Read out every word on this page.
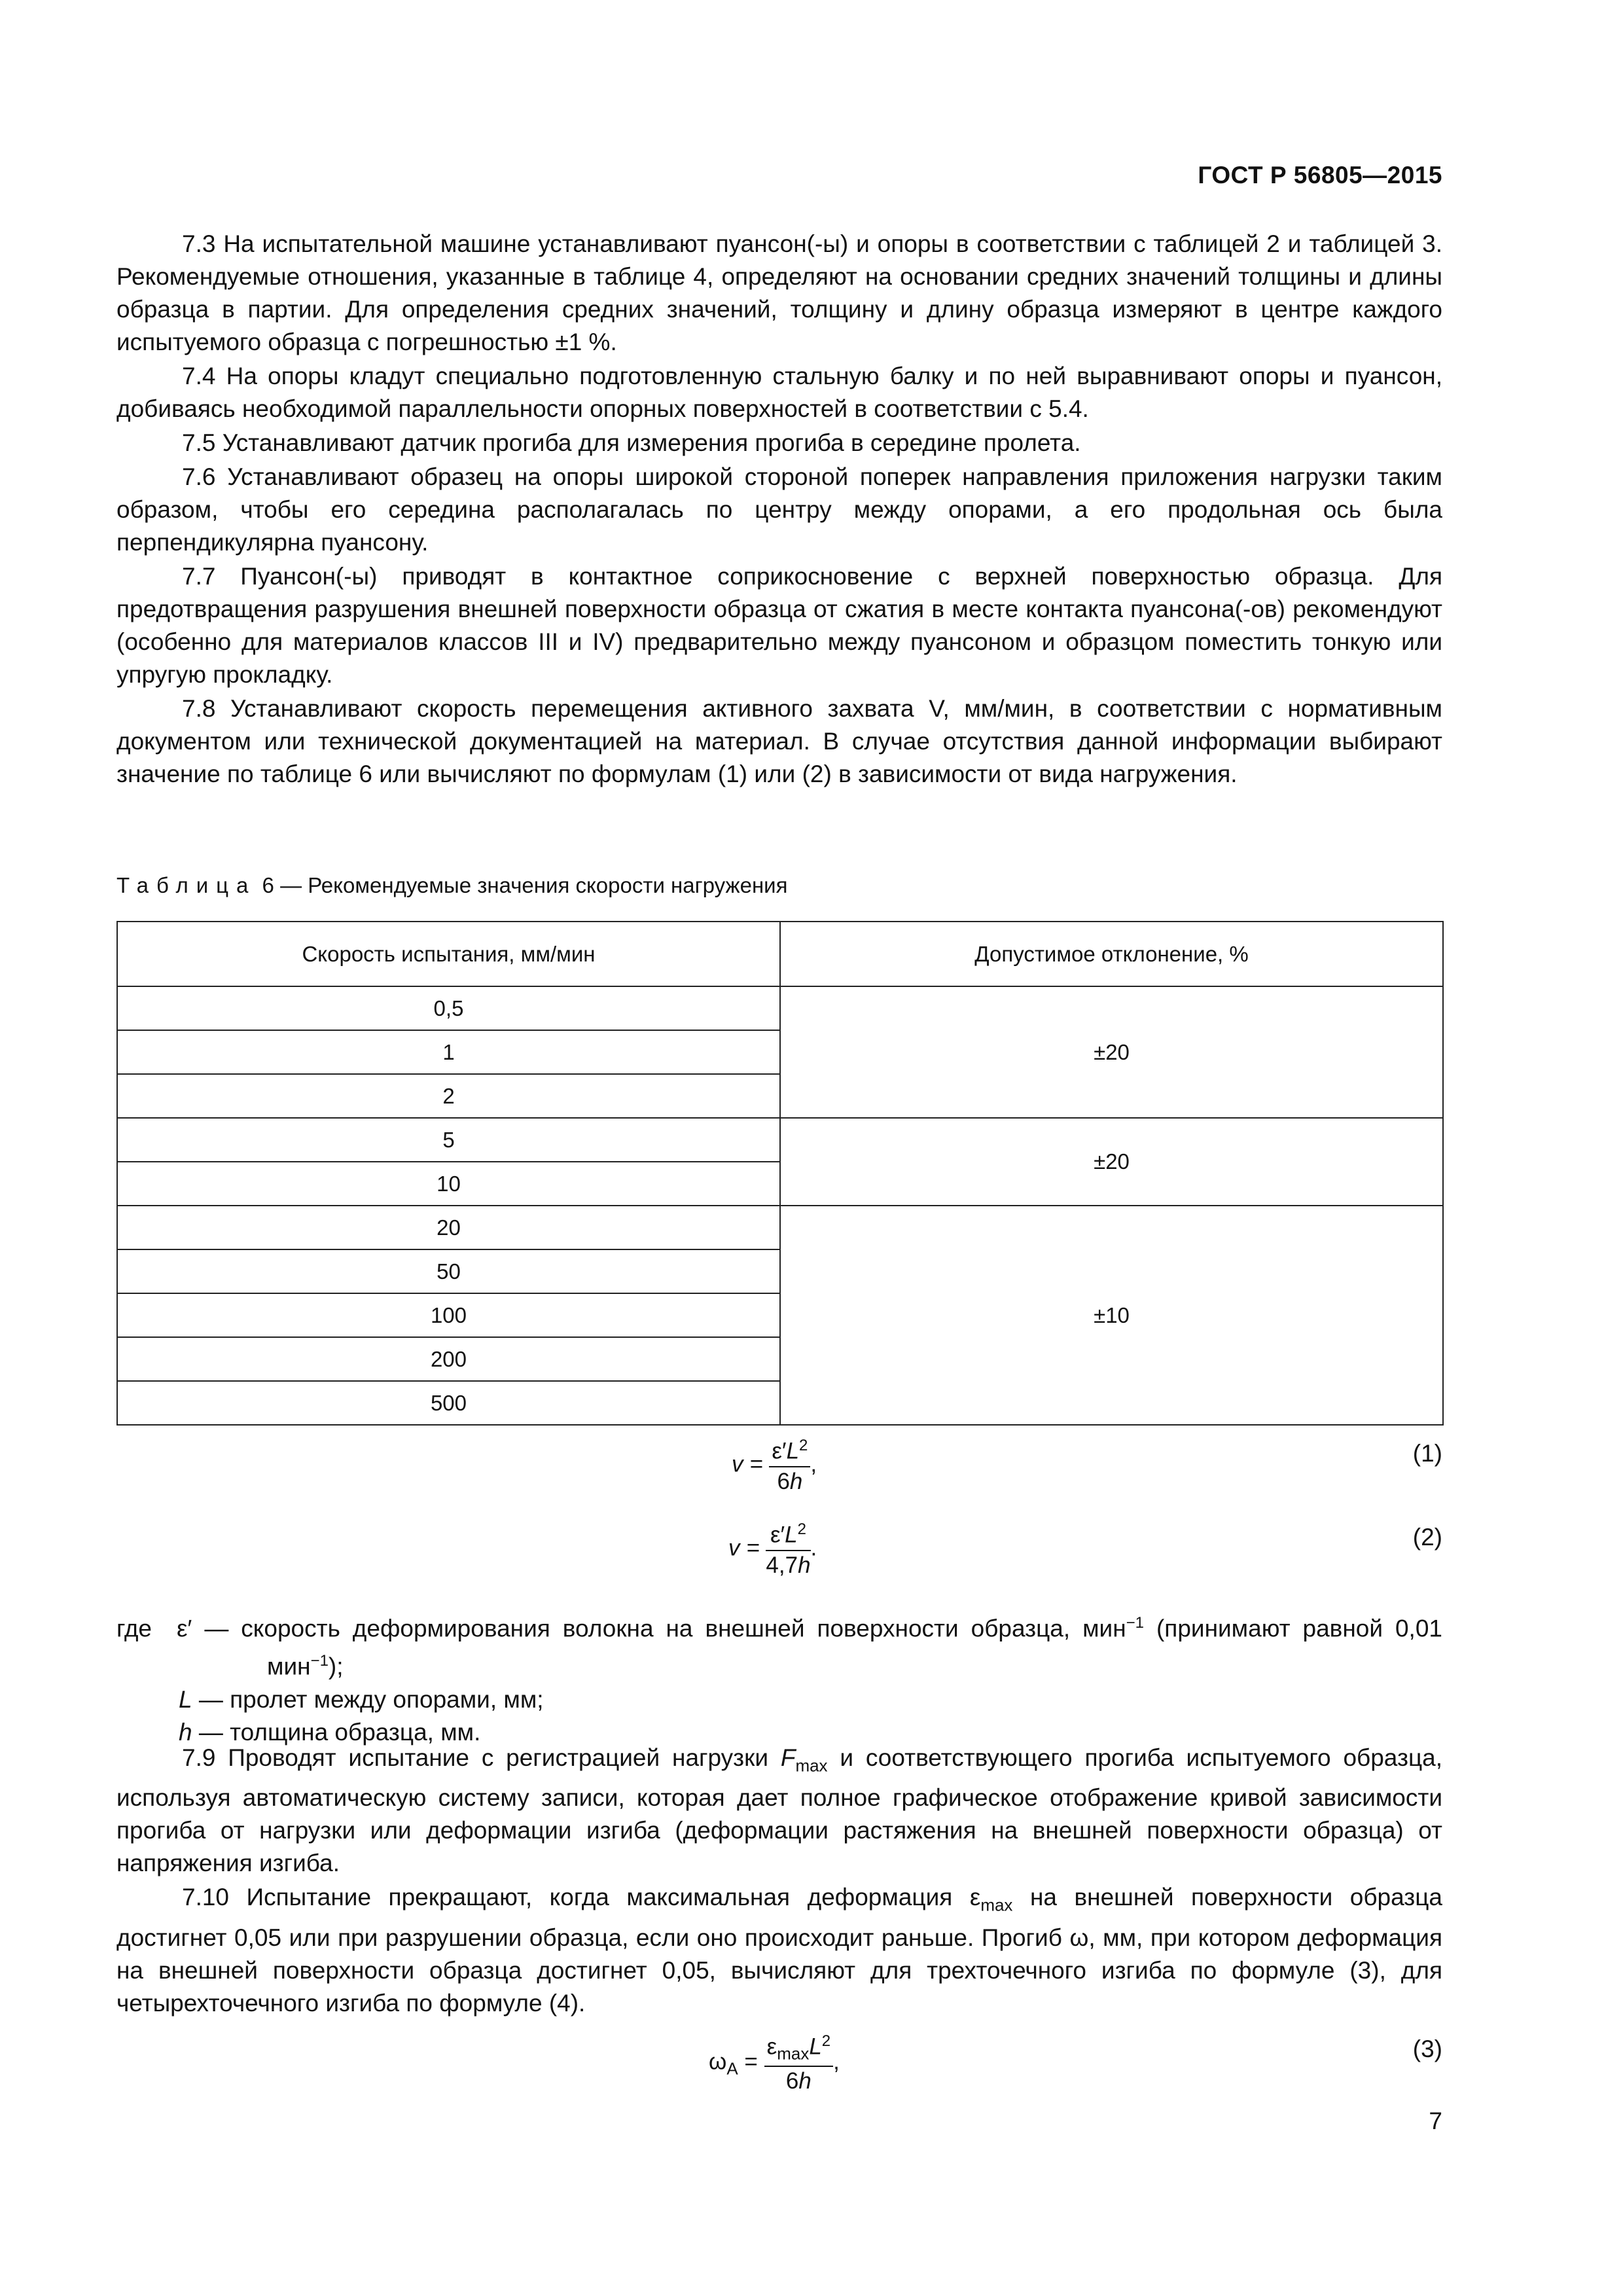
ГОСТ Р 56805—2015

7.3 На испытательной машине устанавливают пуансон(-ы) и опоры в соответствии с таблицей 2 и таблицей 3. Рекомендуемые отношения, указанные в таблице 4, определяют на основании средних значений толщины и длины образца в партии. Для определения средних значений, толщину и длину образца измеряют в центре каждого испытуемого образца с погрешностью ±1 %.

7.4 На опоры кладут специально подготовленную стальную балку и по ней выравнивают опоры и пуансон, добиваясь необходимой параллельности опорных поверхностей в соответствии с 5.4.

7.5 Устанавливают датчик прогиба для измерения прогиба в середине пролета.

7.6 Устанавливают образец на опоры широкой стороной поперек направления приложения нагрузки таким образом, чтобы его середина располагалась по центру между опорами, а его продольная ось была перпендикулярна пуансону.

7.7 Пуансон(-ы) приводят в контактное соприкосновение с верхней поверхностью образца. Для предотвращения разрушения внешней поверхности образца от сжатия в месте контакта пуансона(-ов) рекомендуют (особенно для материалов классов III и IV) предварительно между пуансоном и образцом поместить тонкую или упругую прокладку.

7.8 Устанавливают скорость перемещения активного захвата V, мм/мин, в соответствии с нормативным документом или технической документацией на материал. В случае отсутствия данной информации выбирают значение по таблице 6 или вычисляют по формулам (1) или (2) в зависимости от вида нагружения.

Таблица 6 — Рекомендуемые значения скорости нагружения
Скорость испытания, мм/мин	Допустимое отклонение, %
0,5	±20
1	
2	
5	±20
10	
20	±10
50	
100	
200	
500	
$v = \frac{\varepsilon'L^2}{6h}$ ,	(1)
$v = \frac{\varepsilon'L^2}{4,7h}$ .	(2)
где ε′ — скорость деформирования волокна на внешней поверхности образца, мин$^{-1}$ (принимают равной 0,01 мин$^{-1}$);
L — пролет между опорами, мм;
h — толщина образца, мм.

7.9 Проводят испытание с регистрацией нагрузки $F_{max}$ и соответствующего прогиба испытуемого образца, используя автоматическую систему записи, которая дает полное графическое отображение кривой зависимости прогиба от нагрузки или деформации изгиба (деформации растяжения на внешней поверхности образца) от напряжения изгиба.

7.10 Испытание прекращают, когда максимальная деформация $\varepsilon_{max}$ на внешней поверхности образца достигнет 0,05 или при разрушении образца, если оно происходит раньше. Прогиб ω, мм, при котором деформация на внешней поверхности образца достигнет 0,05, вычисляют для трехточечного изгиба по формуле (3), для четырехточечного изгиба по формуле (4).

$\omega_A = \frac{\varepsilon_{max}L^2}{6h}$ ,	(3)
7
